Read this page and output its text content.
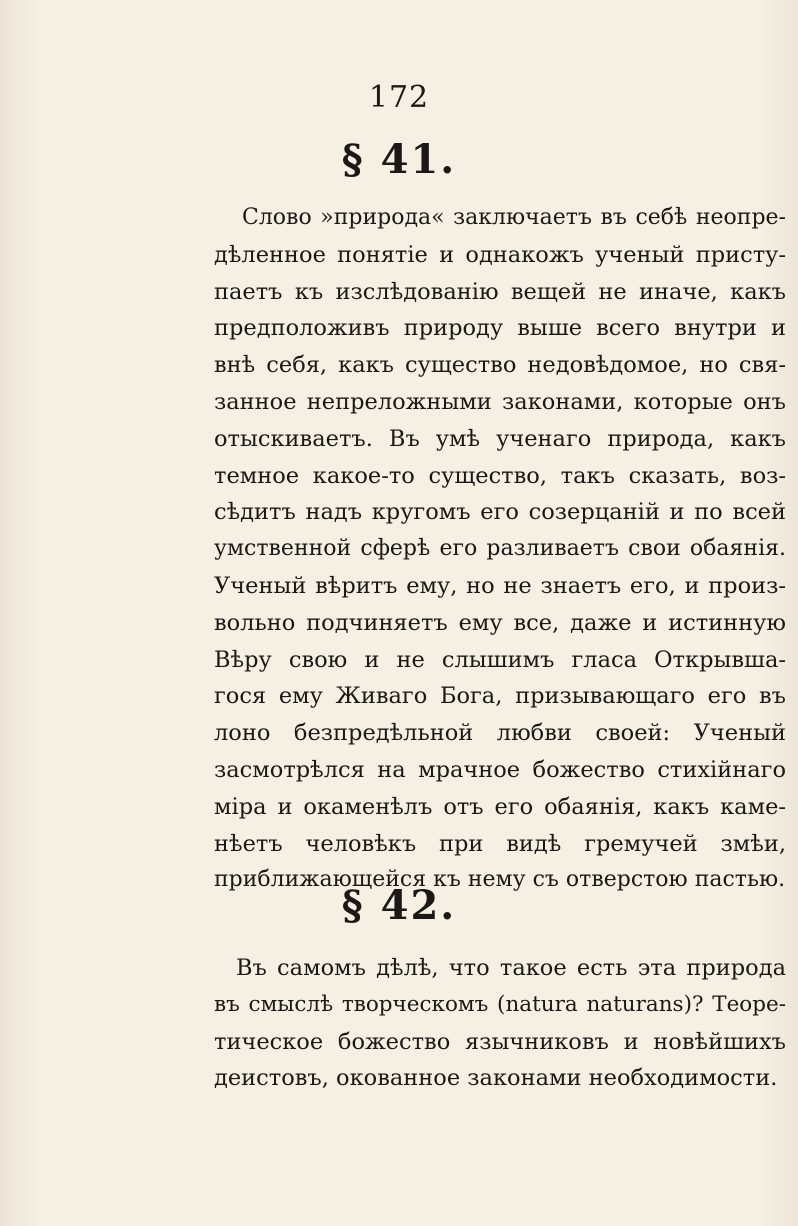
172
§ 41.
Слово »природа« заключаетъ въ себѣ неопре-
дѣленное понятіе и однакожъ ученый присту-
паетъ къ изслѣдованію вещей не иначе, какъ
предположивъ природу выше всего внутри и
внѣ себя, какъ существо недовѣдомое, но свя-
занное непреложными законами, которые онъ
отыскиваетъ. Въ умѣ ученаго природа, какъ
темное какое-то существо, такъ сказать, воз-
сѣдитъ надъ кругомъ его созерцаній и по всей
умственной сферѣ его разливаетъ свои обаянія.
Ученый вѣритъ ему, но не знаетъ его, и произ-
вольно подчиняетъ ему все, даже и истинную
Вѣру свою и не слышимъ гласа Открывша-
гося ему Живаго Бога, призывающаго его въ
лоно безпредѣльной любви своей: Ученый
засмотрѣлся на мрачное божество стихійнаго
міра и окаменѣлъ отъ его обаянія, какъ каме-
нѣетъ человѣкъ при видѣ гремучей змѣи,
приближающейся къ нему съ отверстою пастью.
§ 42.
Въ самомъ дѣлѣ, что такое есть эта природа
въ смыслѣ творческомъ (natura naturans)? Теоре-
тическое божество язычниковъ и новѣйшихъ
деистовъ, окованное законами необходимости.
